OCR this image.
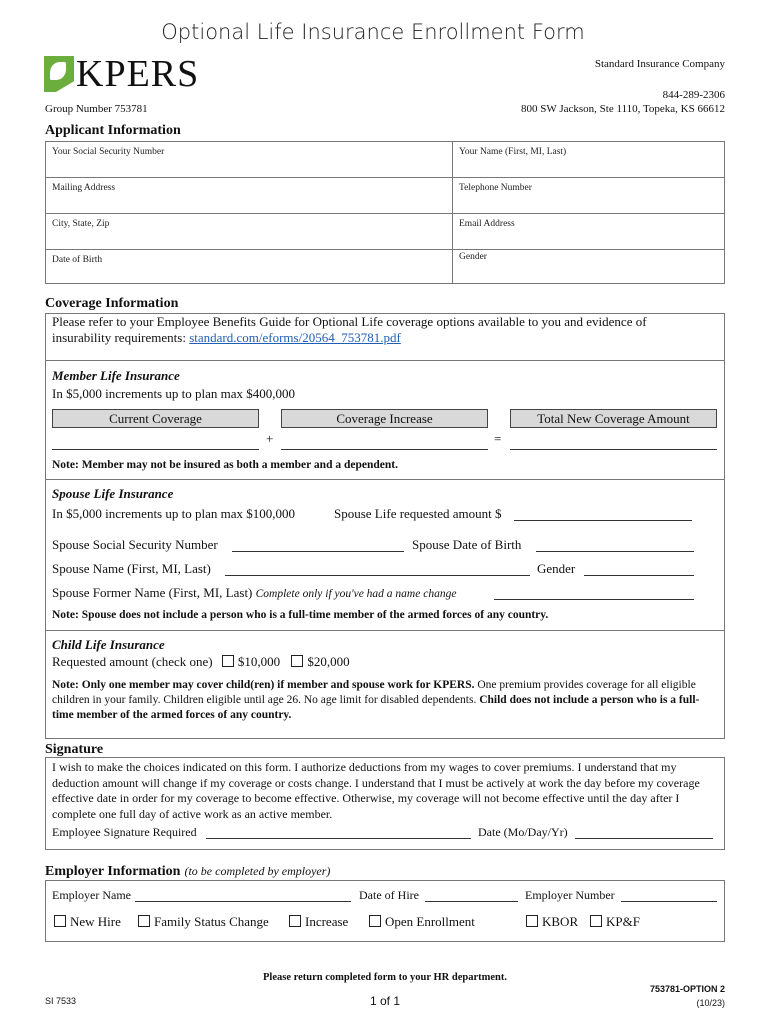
Optional Life Insurance Enrollment Form
KPERS	Standard Insurance Company
844-289-2306
800 SW Jackson, Ste 1110, Topeka, KS 66612
Group Number 753781
Applicant Information
Your Social Security Number	Your Name (First, MI, Last)
Mailing Address	Telephone Number
City, State, Zip	Email Address
Date of Birth	Gender
Coverage Information
Please refer to your Employee Benefits Guide for Optional Life coverage options available to you and evidence of
insurability requirements: standard.com/eforms/20564_753781.pdf
Member Life Insurance
In $5,000 increments up to plan max $400,000
Current Coverage	Coverage Increase	Total New Coverage Amount
+	=
Note: Member may not be insured as both a member and a dependent.
Spouse Life Insurance
In $5,000 increments up to plan max $100,000	Spouse Life requested amount $
Spouse Social Security Number	Spouse Date of Birth
Spouse Name (First, MI, Last)	Gender
Spouse Former Name (First, MI, Last) Complete only if you've had a name change
Note: Spouse does not include a person who is a full-time member of the armed forces of any country.
Child Life Insurance
Requested amount (check one) $10,000 $20,000
Note: Only one member may cover child(ren) if member and spouse work for KPERS. One premium provides coverage for all eligible children in your family. Children eligible until age 26. No age limit for disabled dependents. Child does not include a person who is a full-time member of the armed forces of any country.
Signature
I wish to make the choices indicated on this form. I authorize deductions from my wages to cover premiums. I understand that my deduction amount will change if my coverage or costs change. I understand that I must be actively at work the day before my coverage effective date in order for my coverage to become effective. Otherwise, my coverage will not become effective until the day after I complete one full day of active work as an active member.
Employee Signature Required	Date (Mo/Day/Yr)
Employer Information (to be completed by employer)
Employer Name	Date of Hire	Employer Number
New Hire	Family Status Change	Increase	Open Enrollment	KBOR	KP&F
Please return completed form to your HR department.
SI 7533	1 of 1
753781-OPTION 2
(10/23)
